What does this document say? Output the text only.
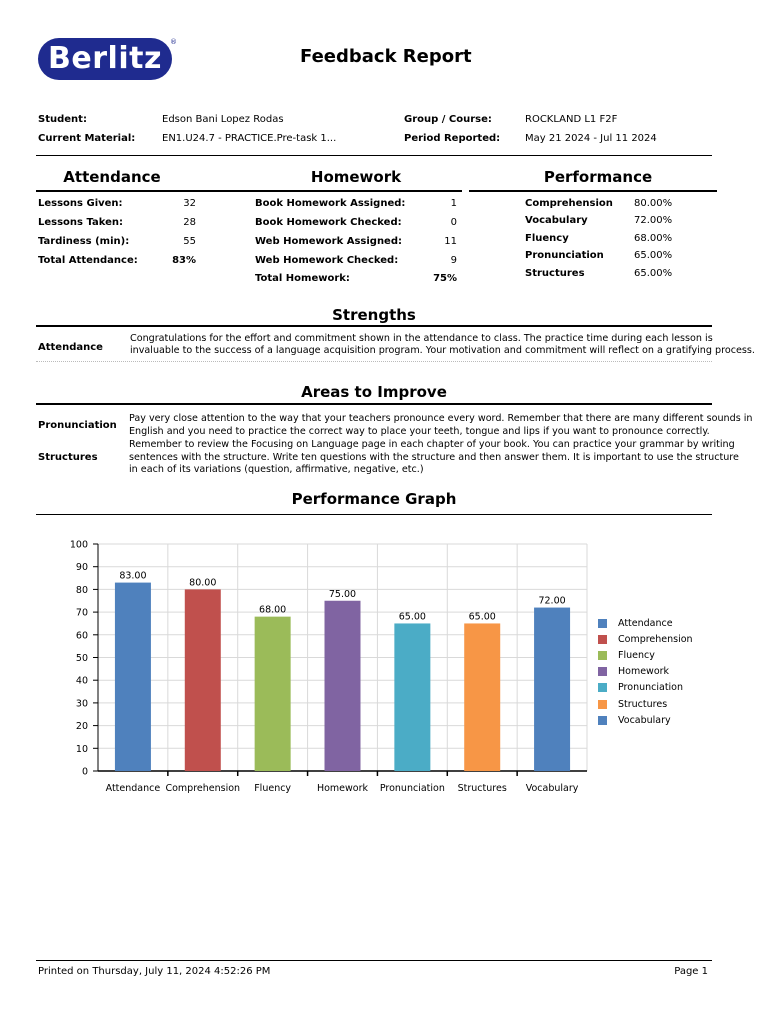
Berlitz	®
Feedback Report
Student:	Edson Bani Lopez Rodas
Current Material:	EN1.U24.7 - PRACTICE.Pre-task 1...
Group / Course:	ROCKLAND L1 F2F
Period Reported: May 21 2024 - Jul 11 2024
Attendance	Homework	Performance
Lessons Given:	32
Lessons Taken:	28
Tardiness (min):	55
Total Attendance:	83%
Book Homework Assigned:	1
Book Homework Checked:	0
Web Homework Assigned:	11
Web Homework Checked:	9
Total Homework:	75%
Comprehension 80.00%
Vocabulary	72.00%
Fluency	68.00%
Pronunciation	65.00%
Structures	65.00%
Strengths
Attendance
Congratulations for the effort and commitment shown in the attendance to class. The practice time during each lesson is
invaluable to the success of a language acquisition program. Your motivation and commitment will reflect on a gratifying process.
Areas to Improve
Pronunciation
Structures
Pay very close attention to the way that your teachers pronounce every word. Remember that there are many different sounds in
English and you need to practice the correct way to place your teeth, tongue and lips if you want to pronounce correctly.
Remember to review the Focusing on Language page in each chapter of your book. You can practice your grammar by writing
sentences with the structure. Write ten questions with the structure and then answer them. It is important to use the structure
in each of its variations (question, affirmative, negative, etc.)
Performance Graph
0
10
20
30
40
50
60
70
80
90
100
83.00
Attendance
80.00
Comprehension
68.00
Fluency
75.00
Homework
65.00
Pronunciation
65.00
Structures
72.00
Vocabulary
Attendance
Comprehension
Fluency
Homework
Pronunciation
Structures
Vocabulary
Printed on Thursday, July 11, 2024 4:52:26 PM	Page 1
